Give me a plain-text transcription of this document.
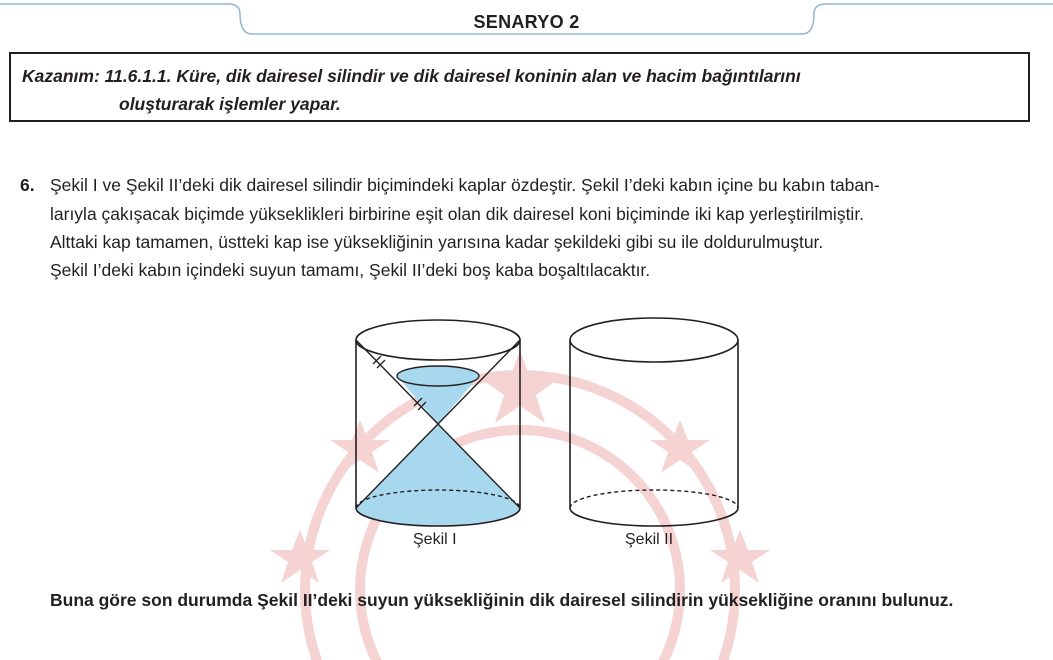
SENARYO 2
Kazanım: 11.6.1.1. Küre, dik dairesel silindir ve dik dairesel koninin alan ve hacim bağıntılarını
oluşturarak işlemler yapar.
6. Şekil I ve Şekil II’deki dik dairesel silindir biçimindeki kaplar özdeştir. Şekil I’deki kabın içine bu kabın taban-
larıyla çakışacak biçimde yükseklikleri birbirine eşit olan dik dairesel koni biçiminde iki kap yerleştirilmiştir.
Alttaki kap tamamen, üstteki kap ise yüksekliğinin yarısına kadar şekildeki gibi su ile doldurulmuştur.
Şekil I’deki kabın içindeki suyun tamamı, Şekil II’deki boş kaba boşaltılacaktır.
Şekil I	Şekil II
Buna göre son durumda Şekil II’deki suyun yüksekliğinin dik dairesel silindirin yüksekliğine oranını bulunuz.
